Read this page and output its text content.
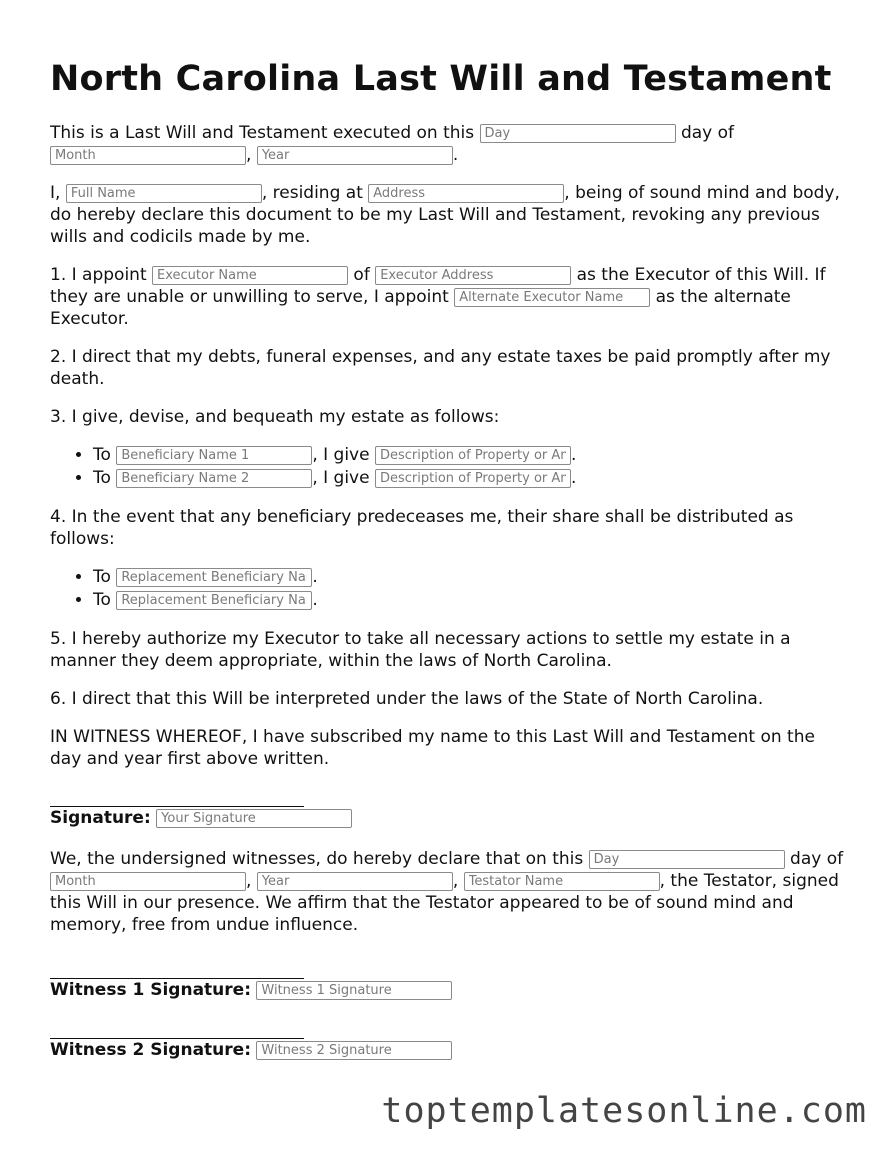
North Carolina Last Will and Testament

This is a Last Will and Testament executed on this Day	day of Month, Year	.

I, Full Name	, residing at Address	, being of sound mind and body, do hereby declare this document to be my Last Will and Testament, revoking any previous wills and codicils made by me.

1. I appoint Executor Name	of Executor Address	as the Executor of this Will. If they are unable or unwilling to serve, I appoint Alternate Executor Name	as the alternate Executor.

2. I direct that my debts, funeral expenses, and any estate taxes be paid promptly after my death.

3. I give, devise, and bequeath my estate as follows:

• To Beneficiary Name 1	, I give Description of Property or Amount	.
• To Beneficiary Name 2	, I give Description of Property or Amount	.

4. In the event that any beneficiary predeceases me, their share shall be distributed as follows:

• To Replacement Beneficiary Name	.
• To Replacement Beneficiary Name	.

5. I hereby authorize my Executor to take all necessary actions to settle my estate in a manner they deem appropriate, within the laws of North Carolina.

6. I direct that this Will be interpreted under the laws of the State of North Carolina.

IN WITNESS WHEREOF, I have subscribed my name to this Last Will and Testament on the day and year first above written.

Signature: Your Signature

We, the undersigned witnesses, do hereby declare that on this Day	day of Month, Year	, Testator Name	, the Testator, signed this Will in our presence. We affirm that the Testator appeared to be of sound mind and memory, free from undue influence.

Witness 1 Signature: Witness 1 Signature
Witness 2 Signature: Witness 2 Signature
toptemplatesonline.com
